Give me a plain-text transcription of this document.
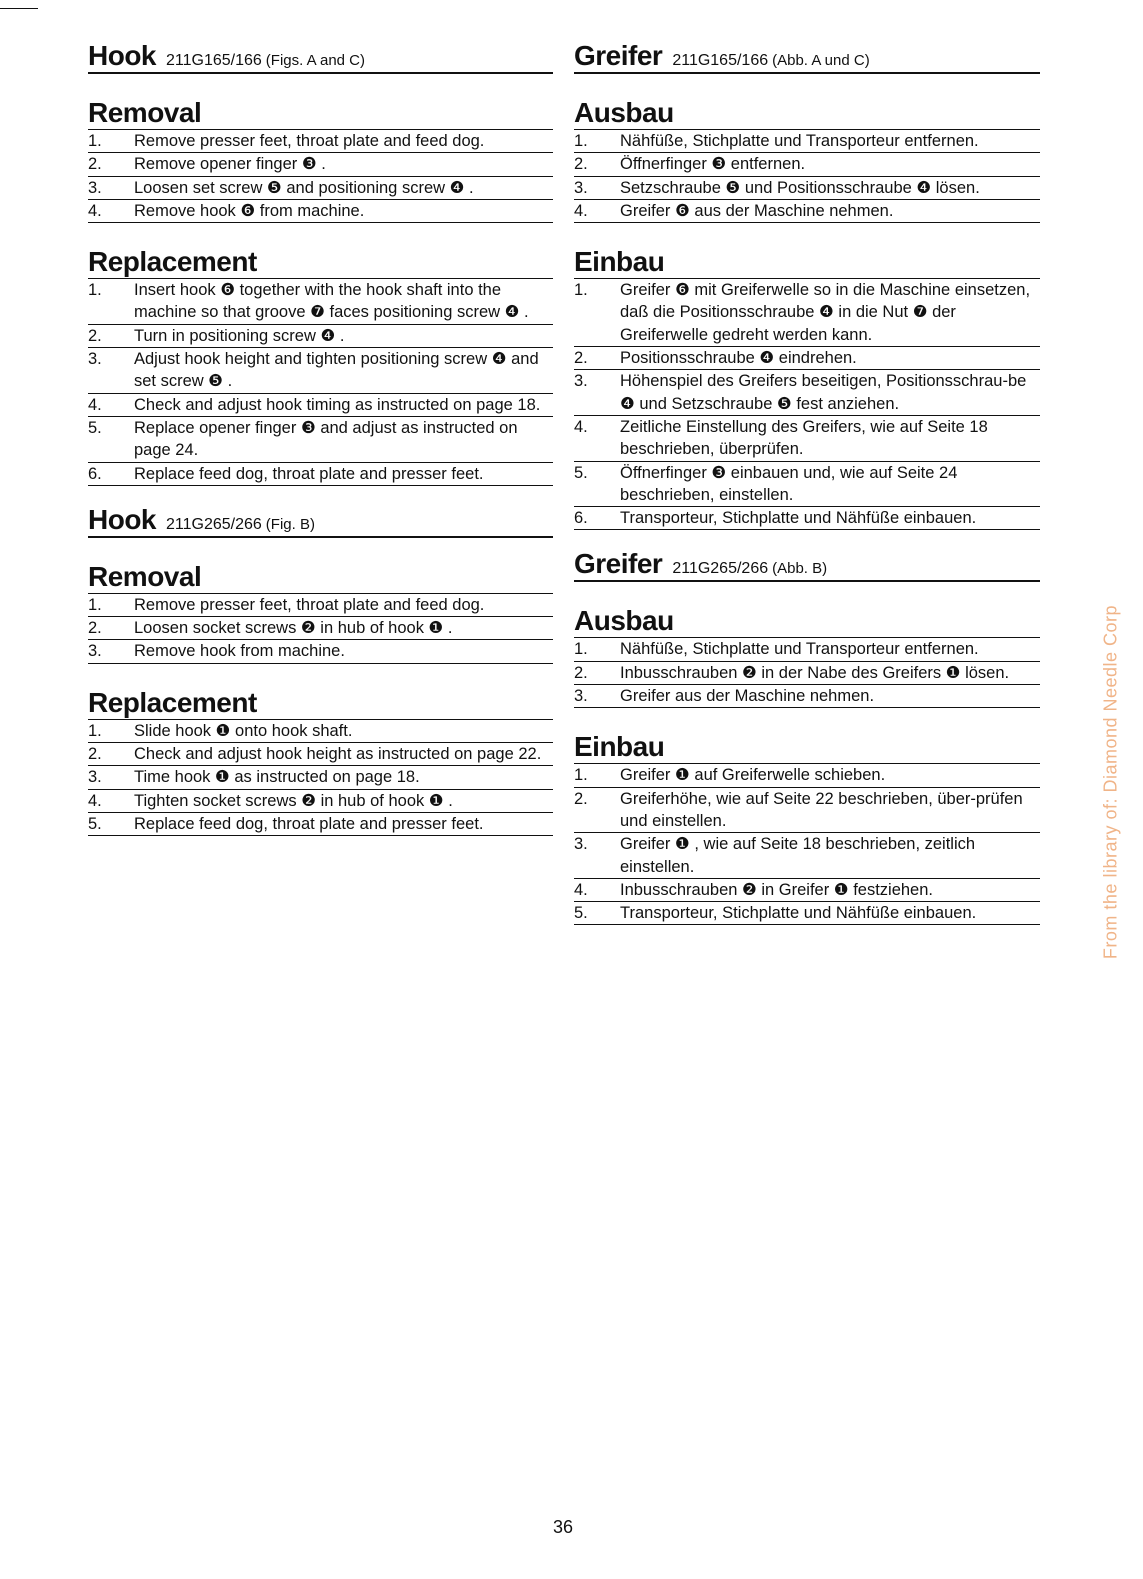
Hook 211G165/166 (Figs. A and C)
Removal
1.	Remove presser feet, throat plate and feed dog.
2.	Remove opener finger ❸ .
3.	Loosen set screw ❺ and positioning screw ❹ .
4.	Remove hook ❻ from machine.
Replacement
1.	Insert hook ❻ together with the hook shaft into the machine so that groove ❼ faces positioning screw ❹ .
2.	Turn in positioning screw ❹ .
3.	Adjust hook height and tighten positioning screw ❹ and set screw ❺ .
4.	Check and adjust hook timing as instructed on page 18.
5.	Replace opener finger ❸ and adjust as instructed on page 24.
6.	Replace feed dog, throat plate and presser feet.
Hook 211G265/266 (Fig. B)
Removal
1.	Remove presser feet, throat plate and feed dog.
2.	Loosen socket screws ❷ in hub of hook ❶ .
3.	Remove hook from machine.
Replacement
1.	Slide hook ❶ onto hook shaft.
2.	Check and adjust hook height as instructed on page 22.
3.	Time hook ❶ as instructed on page 18.
4.	Tighten socket screws ❷ in hub of hook ❶ .
5.	Replace feed dog, throat plate and presser feet.
Greifer 211G165/166 (Abb. A und C)
Ausbau
1.	Nähfüße, Stichplatte und Transporteur entfernen.
2.	Öffnerfinger ❸ entfernen.
3.	Setzschraube ❺ und Positionsschraube ❹ lösen.
4.	Greifer ❻ aus der Maschine nehmen.
Einbau
1.	Greifer ❻ mit Greiferwelle so in die Maschine einsetzen, daß die Positionsschraube ❹ in die Nut ❼ der Greiferwelle gedreht werden kann.
2.	Positionsschraube ❹ eindrehen.
3.	Höhenspiel des Greifers beseitigen, Positionsschrau-be ❹ und Setzschraube ❺ fest anziehen.
4.	Zeitliche Einstellung des Greifers, wie auf Seite 18 beschrieben, überprüfen.
5.	Öffnerfinger ❸ einbauen und, wie auf Seite 24 beschrieben, einstellen.
6.	Transporteur, Stichplatte und Nähfüße einbauen.
Greifer 211G265/266 (Abb. B)
Ausbau
1.	Nähfüße, Stichplatte und Transporteur entfernen.
2.	Inbusschrauben ❷ in der Nabe des Greifers ❶ lösen.
3.	Greifer aus der Maschine nehmen.
Einbau
1.	Greifer ❶ auf Greiferwelle schieben.
2.	Greiferhöhe, wie auf Seite 22 beschrieben, über-prüfen und einstellen.
3.	Greifer ❶ , wie auf Seite 18 beschrieben, zeitlich einstellen.
4.	Inbusschrauben ❷ in Greifer ❶ festziehen.
5.	Transporteur, Stichplatte und Nähfüße einbauen.	From the library of: Diamond Needle Corp
36
